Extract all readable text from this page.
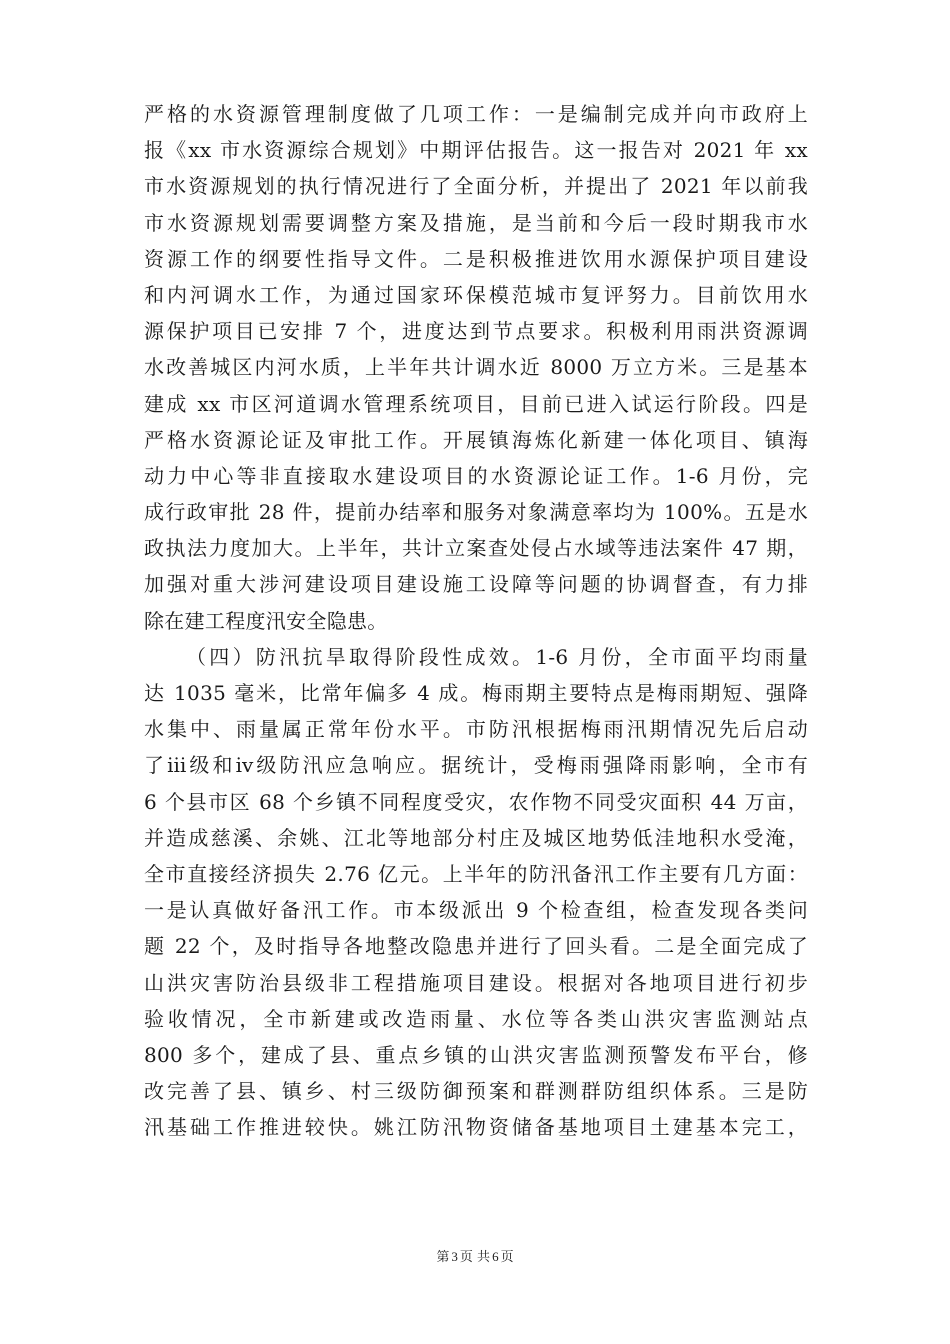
严格的水资源管理制度做了几项工作：一是编制完成并向市政府上
报《xx 市水资源综合规划》中期评估报告。这一报告对 2021 年 xx
市水资源规划的执行情况进行了全面分析，并提出了 2021 年以前我
市水资源规划需要调整方案及措施，是当前和今后一段时期我市水
资源工作的纲要性指导文件。二是积极推进饮用水源保护项目建设
和内河调水工作，为通过国家环保模范城市复评努力。目前饮用水
源保护项目已安排 7 个，进度达到节点要求。积极利用雨洪资源调
水改善城区内河水质，上半年共计调水近 8000 万立方米。三是基本
建成 xx 市区河道调水管理系统项目，目前已进入试运行阶段。四是
严格水资源论证及审批工作。开展镇海炼化新建一体化项目、镇海
动力中心等非直接取水建设项目的水资源论证工作。1-6 月份，完
成行政审批 28 件，提前办结率和服务对象满意率均为 100%。五是水
政执法力度加大。上半年，共计立案查处侵占水域等违法案件 47 期，
加强对重大涉河建设项目建设施工设障等问题的协调督查，有力排
除在建工程度汛安全隐患。
（四）防汛抗旱取得阶段性成效。1-6 月份，全市面平均雨量
达 1035 毫米，比常年偏多 4 成。梅雨期主要特点是梅雨期短、强降
水集中、雨量属正常年份水平。市防汛根据梅雨汛期情况先后启动
了ⅲ级和ⅳ级防汛应急响应。据统计，受梅雨强降雨影响，全市有
6 个县市区 68 个乡镇不同程度受灾，农作物不同受灾面积 44 万亩，
并造成慈溪、余姚、江北等地部分村庄及城区地势低洼地积水受淹，
全市直接经济损失 2.76 亿元。上半年的防汛备汛工作主要有几方面：
一是认真做好备汛工作。市本级派出 9 个检查组，检查发现各类问
题 22 个，及时指导各地整改隐患并进行了回头看。二是全面完成了
山洪灾害防治县级非工程措施项目建设。根据对各地项目进行初步
验收情况，全市新建或改造雨量、水位等各类山洪灾害监测站点
800 多个，建成了县、重点乡镇的山洪灾害监测预警发布平台，修
改完善了县、镇乡、村三级防御预案和群测群防组织体系。三是防
汛基础工作推进较快。姚江防汛物资储备基地项目土建基本完工，
第 3 页 共 6 页
